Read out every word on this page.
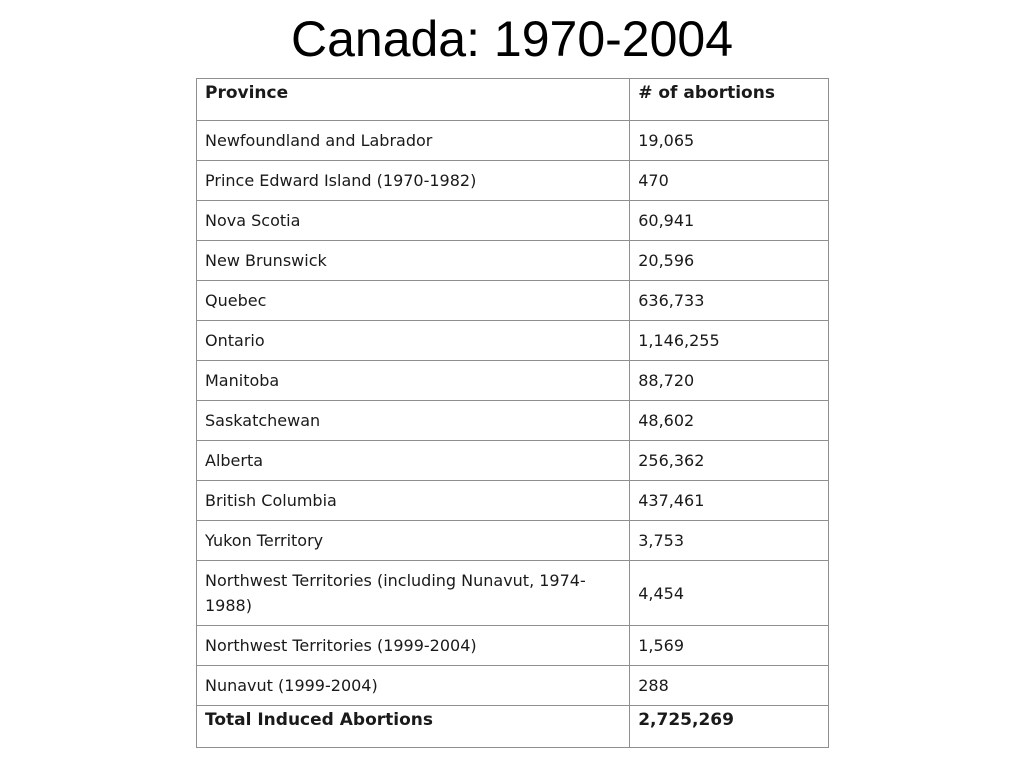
Canada: 1970-2004
Province	# of abortions
Newfoundland and Labrador	19,065
Prince Edward Island (1970-1982)	470
Nova Scotia	60,941
New Brunswick	20,596
Quebec	636,733
Ontario	1,146,255
Manitoba	88,720
Saskatchewan	48,602
Alberta	256,362
British Columbia	437,461
Yukon Territory	3,753
Northwest Territories (including Nunavut, 1974-1988)	4,454
Northwest Territories (1999-2004)	1,569
Nunavut (1999-2004)	288
Total Induced Abortions	2,725,269
